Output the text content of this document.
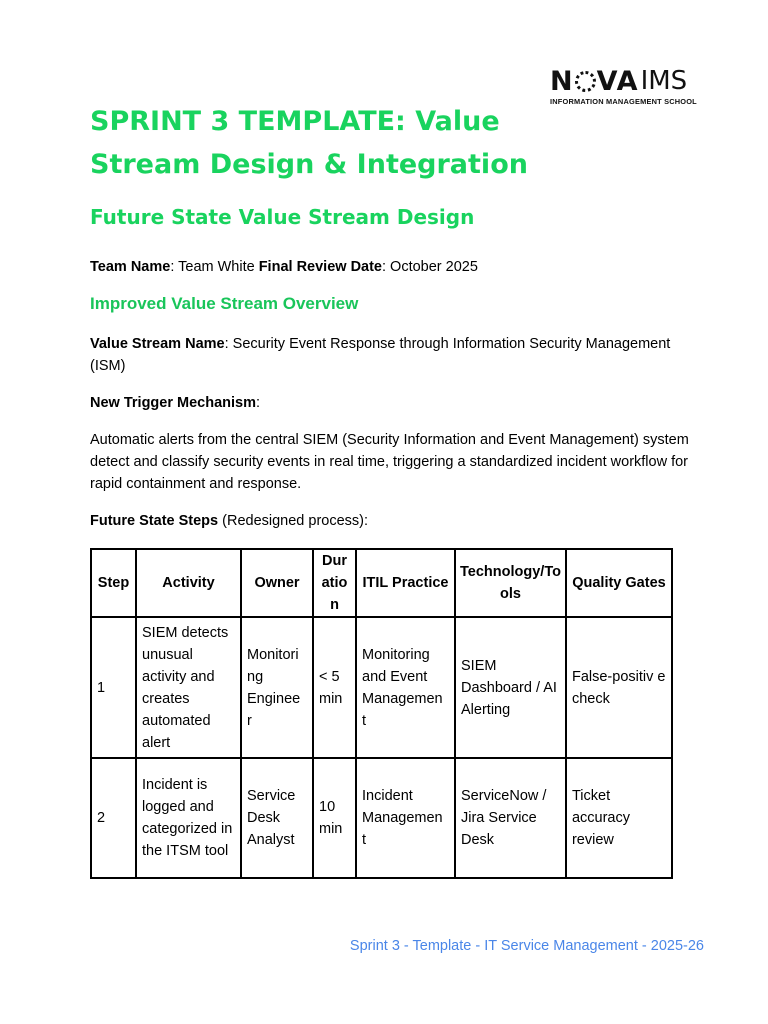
N VA IMS
INFORMATION MANAGEMENT SCHOOL
SPRINT 3 TEMPLATE: Value Stream Design & Integration
Future State Value Stream Design

Team Name: Team White Final Review Date: October 2025

Improved Value Stream Overview

Value Stream Name: Security Event Response through Information Security Management (ISM)

New Trigger Mechanism:

Automatic alerts from the central SIEM (Security Information and Event Management) system detect and classify security events in real time, triggering a standardized incident workflow for rapid containment and response.

Future State Steps (Redesigned process):

Step	Activity	Owner	Dur atio n	ITIL Practice	Technology/To ols	Quality Gates
1	SIEM detects unusual activity and creates automated alert	Monitori ng Enginee r	< 5 min	Monitoring and Event Managemen t	SIEM Dashboard / AI Alerting	False-positiv e check
2	Incident is logged and categorized in the ITSM tool	Service Desk Analyst	10 min	Incident Managemen t	ServiceNow / Jira Service Desk	Ticket accuracy review
Sprint 3 - Template - IT Service Management - 2025-26
